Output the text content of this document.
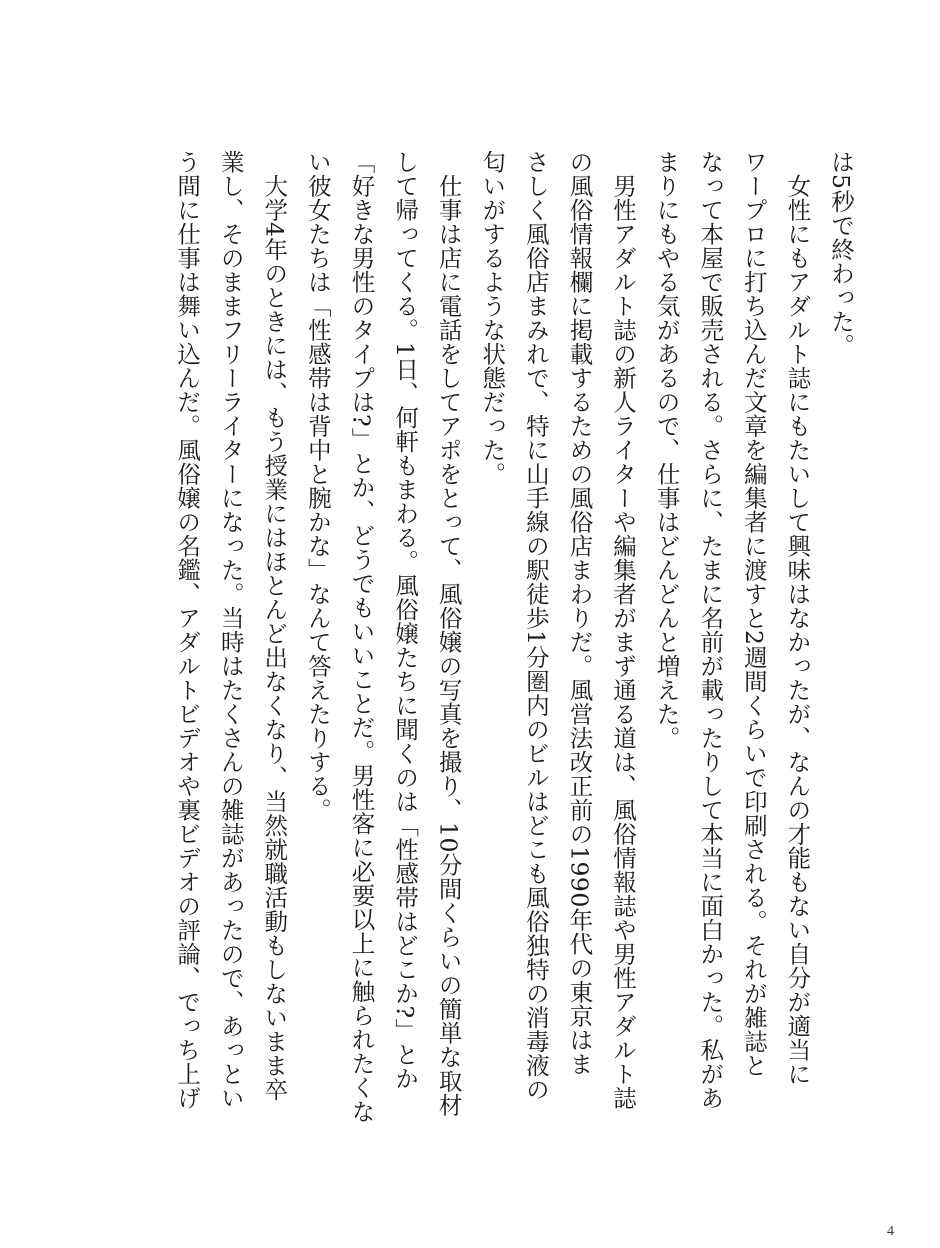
は5秒で終わった。
　女性にもアダルト誌にもたいして興味はなかったが、なんの才能もない自分が適当に
ワープロに打ち込んだ文章を編集者に渡すと2週間くらいで印刷される。それが雑誌と
なって本屋で販売される。さらに、たまに名前が載ったりして本当に面白かった。私があ
まりにもやる気があるので、仕事はどんどんと増えた。
　男性アダルト誌の新人ライターや編集者がまず通る道は、風俗情報誌や男性アダルト誌
の風俗情報欄に掲載するための風俗店まわりだ。風営法改正前の1990年代の東京はま
さしく風俗店まみれで、特に山手線の駅徒歩1分圏内のビルはどこも風俗独特の消毒液の
匂いがするような状態だった。
　仕事は店に電話をしてアポをとって、風俗嬢の写真を撮り、10分間くらいの簡単な取材
して帰ってくる。1日、何軒もまわる。風俗嬢たちに聞くのは「性感帯はどこか?」とか
「好きな男性のタイプは?」とか、どうでもいいことだ。男性客に必要以上に触られたくな
い彼女たちは「性感帯は背中と腕かな」なんて答えたりする。
　大学4年のときには、もう授業にはほとんど出なくなり、当然就職活動もしないまま卒
業し、そのままフリーライターになった。当時はたくさんの雑誌があったので、あっとい
う間に仕事は舞い込んだ。風俗嬢の名鑑、アダルトビデオや裏ビデオの評論、でっち上げ
4
